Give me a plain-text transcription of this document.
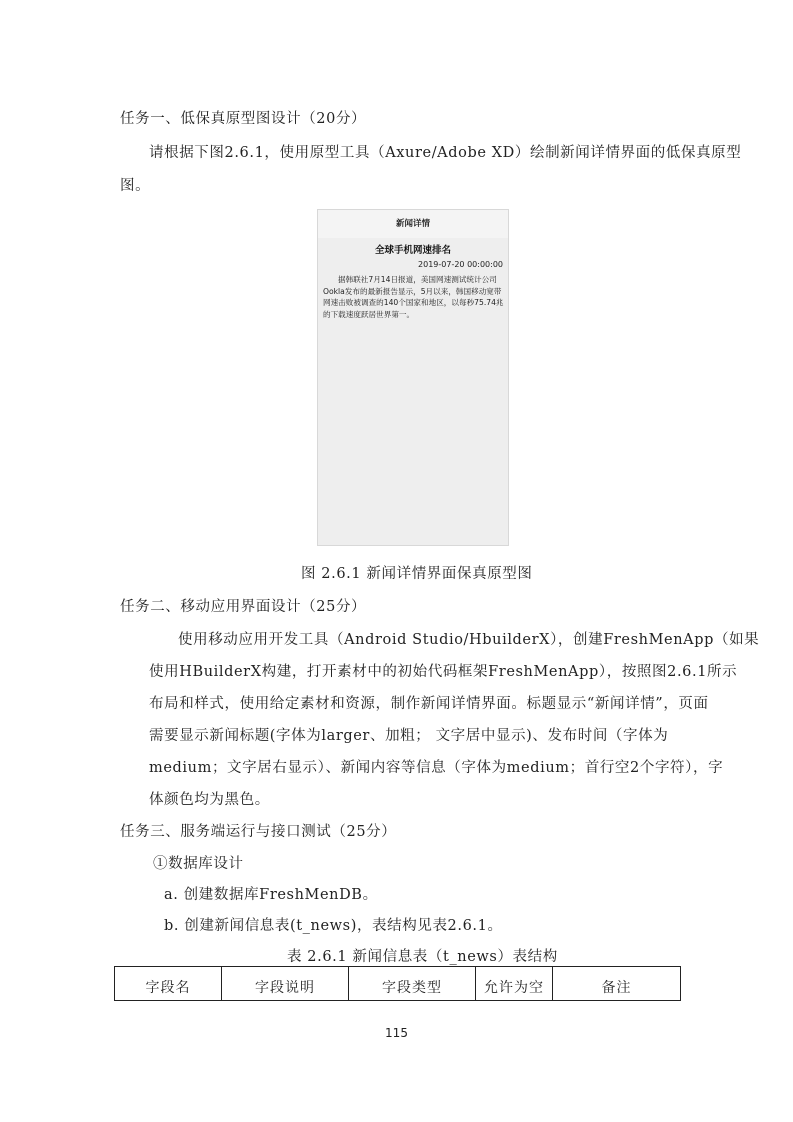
任务一、低保真原型图设计（20分）
请根据下图2.6.1，使用原型工具（Axure/Adobe XD）绘制新闻详情界面的低保真原型
图。
新闻详情
全球手机网速排名
2019-07-20 00:00:00
据韩联社7月14日报道，美国网速测试统计公司Ookla发布的最新报告显示，5月以来，韩国移动宽带网速击败被调查的140个国家和地区，以每秒75.74兆的下载速度跃居世界第一。
图 2.6.1 新闻详情界面保真原型图
任务二、移动应用界面设计（25分）
使用移动应用开发工具（Android Studio/HbuilderX），创建FreshMenApp（如果
使用HBuilderX构建，打开素材中的初始代码框架FreshMenApp），按照图2.6.1所示
布局和样式，使用给定素材和资源，制作新闻详情界面。标题显示“新闻详情”，页面
需要显示新闻标题(字体为larger、加粗； 文字居中显示)、发布时间（字体为
medium；文字居右显示）、新闻内容等信息（字体为medium；首行空2个字符），字
体颜色均为黑色。
任务三、服务端运行与接口测试（25分）
①数据库设计
a. 创建数据库FreshMenDB。
b. 创建新闻信息表(t_news)，表结构见表2.6.1。
表 2.6.1 新闻信息表（t_news）表结构
字段名	字段说明	字段类型	允许为空	备注
115
